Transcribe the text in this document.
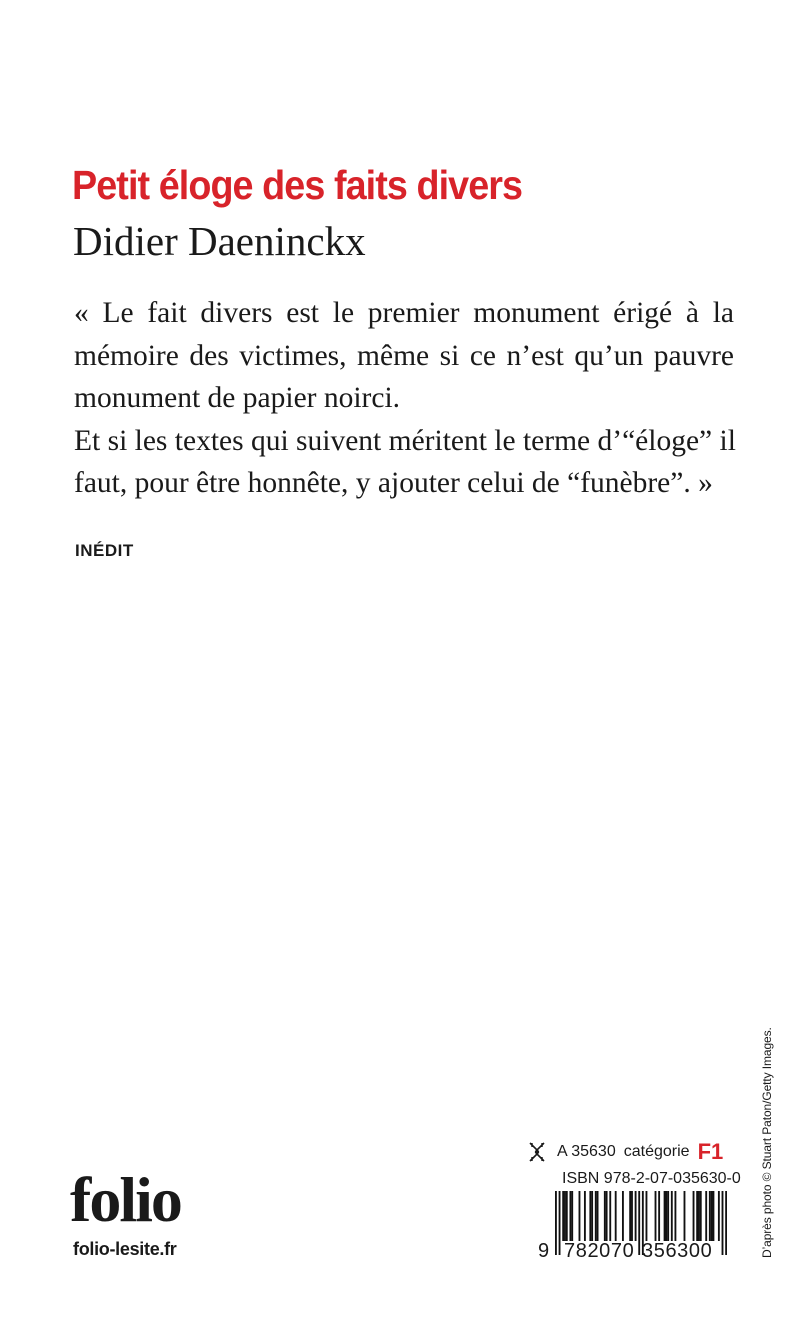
Petit éloge des faits divers
Didier Daeninckx
« Le fait divers est le premier monument érigé à la
mémoire des victimes, même si ce n’est qu’un pauvre
monument de papier noirci.
Et si les textes qui suivent méritent le terme d’“éloge” il
faut, pour être honnête, y ajouter celui de “funèbre”. »
INÉDIT
D’après photo © Stuart Paton/Getty Images.
folio
folio-lesite.fr
A 35630 catégorie F1
ISBN 978-2-07-035630-0
9 782070 356300
